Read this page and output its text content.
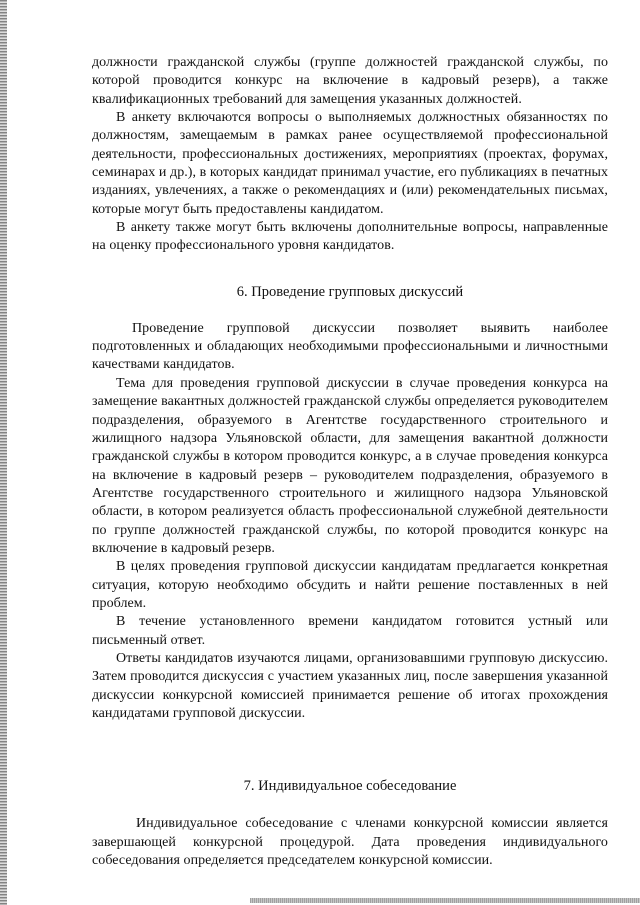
должности гражданской службы (группе должностей гражданской службы, по которой проводится конкурс на включение в кадровый резерв), а также квалификационных требований для замещения указанных должностей.

В анкету включаются вопросы о выполняемых должностных обязанностях по должностям, замещаемым в рамках ранее осуществляемой профессиональной деятельности, профессиональных достижениях, мероприятиях (проектах, форумах, семинарах и др.), в которых кандидат принимал участие, его публикациях в печатных изданиях, увлечениях, а также о рекомендациях и (или) рекомендательных письмах, которые могут быть предоставлены кандидатом.

В анкету также могут быть включены дополнительные вопросы, направленные на оценку профессионального уровня кандидатов.

6. Проведение групповых дискуссий

Проведение групповой дискуссии позволяет выявить наиболее подготовленных и обладающих необходимыми профессиональными и личностными качествами кандидатов.

Тема для проведения групповой дискуссии в случае проведения конкурса на замещение вакантных должностей гражданской службы определяется руководителем подразделения, образуемого в Агентстве государственного строительного и жилищного надзора Ульяновской области, для замещения вакантной должности гражданской службы в котором проводится конкурс, а в случае проведения конкурса на включение в кадровый резерв – руководителем подразделения, образуемого в Агентстве государственного строительного и жилищного надзора Ульяновской области, в котором реализуется область профессиональной служебной деятельности по группе должностей гражданской службы, по которой проводится конкурс на включение в кадровый резерв.

В целях проведения групповой дискуссии кандидатам предлагается конкретная ситуация, которую необходимо обсудить и найти решение поставленных в ней проблем.

В течение установленного времени кандидатом готовится устный или письменный ответ.

Ответы кандидатов изучаются лицами, организовавшими групповую дискуссию. Затем проводится дискуссия с участием указанных лиц, после завершения указанной дискуссии конкурсной комиссией принимается решение об итогах прохождения кандидатами групповой дискуссии.

7. Индивидуальное собеседование

Индивидуальное собеседование с членами конкурсной комиссии является завершающей конкурсной процедурой. Дата проведения индивидуального собеседования определяется председателем конкурсной комиссии.
